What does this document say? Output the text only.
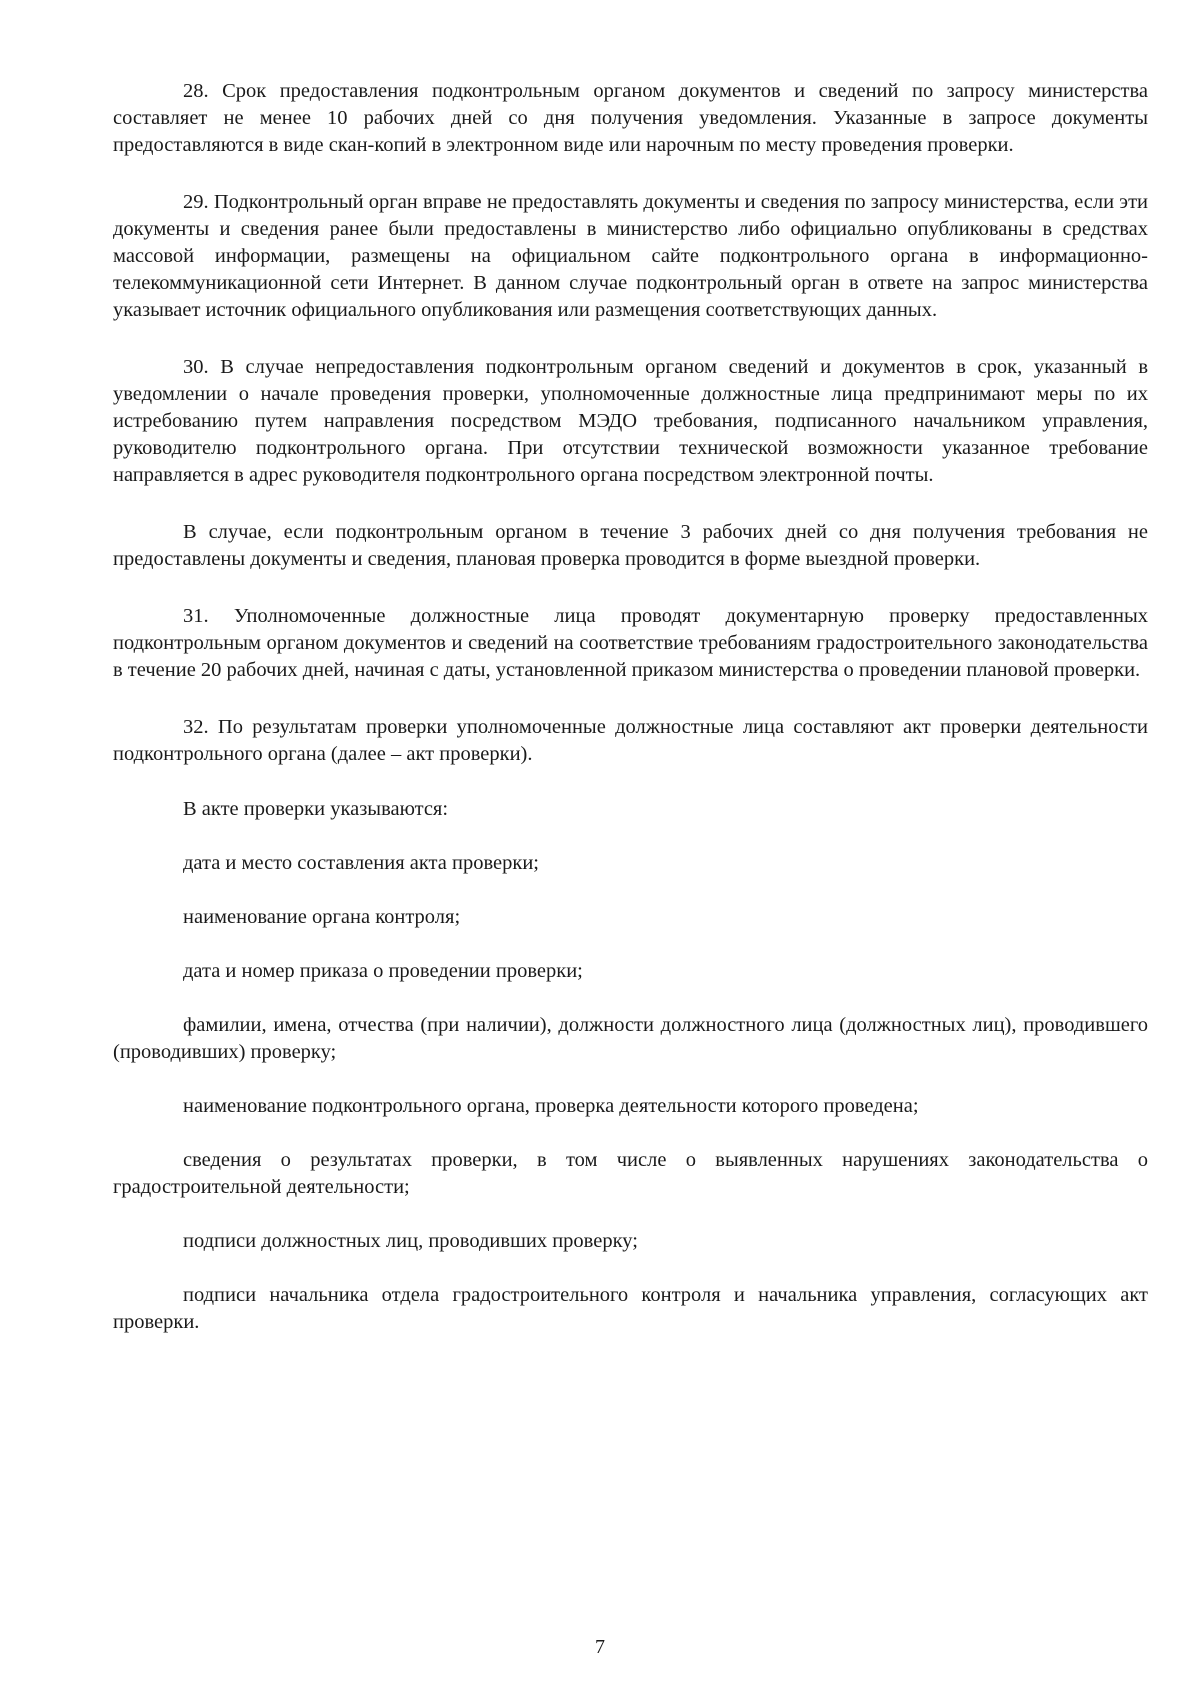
28. Срок предоставления подконтрольным органом документов и сведений по запросу министерства составляет не менее 10 рабочих дней со дня получения уведомления. Указанные в запросе документы предоставляются в виде скан-копий в электронном виде или нарочным по месту проведения проверки.

29. Подконтрольный орган вправе не предоставлять документы и сведения по запросу министерства, если эти документы и сведения ранее были предоставлены в министерство либо официально опубликованы в средствах массовой информации, размещены на официальном сайте подконтрольного органа в информационно-телекоммуникационной сети Интернет. В данном случае подконтрольный орган в ответе на запрос министерства указывает источник официального опубликования или размещения соответствующих данных.

30. В случае непредоставления подконтрольным органом сведений и документов в срок, указанный в уведомлении о начале проведения проверки, уполномоченные должностные лица предпринимают меры по их истребованию путем направления посредством МЭДО требования, подписанного начальником управления, руководителю подконтрольного органа. При отсутствии технической возможности указанное требование направляется в адрес руководителя подконтрольного органа посредством электронной почты.

В случае, если подконтрольным органом в течение 3 рабочих дней со дня получения требования не предоставлены документы и сведения, плановая проверка проводится в форме выездной проверки.

31. Уполномоченные должностные лица проводят документарную проверку предоставленных подконтрольным органом документов и сведений на соответствие требованиям градостроительного законодательства в течение 20 рабочих дней, начиная с даты, установленной приказом министерства о проведении плановой проверки.

32. По результатам проверки уполномоченные должностные лица составляют акт проверки деятельности подконтрольного органа (далее – акт проверки).

В акте проверки указываются:

дата и место составления акта проверки;

наименование органа контроля;

дата и номер приказа о проведении проверки;

фамилии, имена, отчества (при наличии), должности должностного лица (должностных лиц), проводившего (проводивших) проверку;

наименование подконтрольного органа, проверка деятельности которого проведена;

сведения о результатах проверки, в том числе о выявленных нарушениях законодательства о градостроительной деятельности;

подписи должностных лиц, проводивших проверку;

подписи начальника отдела градостроительного контроля и начальника управления, согласующих акт проверки.

7
